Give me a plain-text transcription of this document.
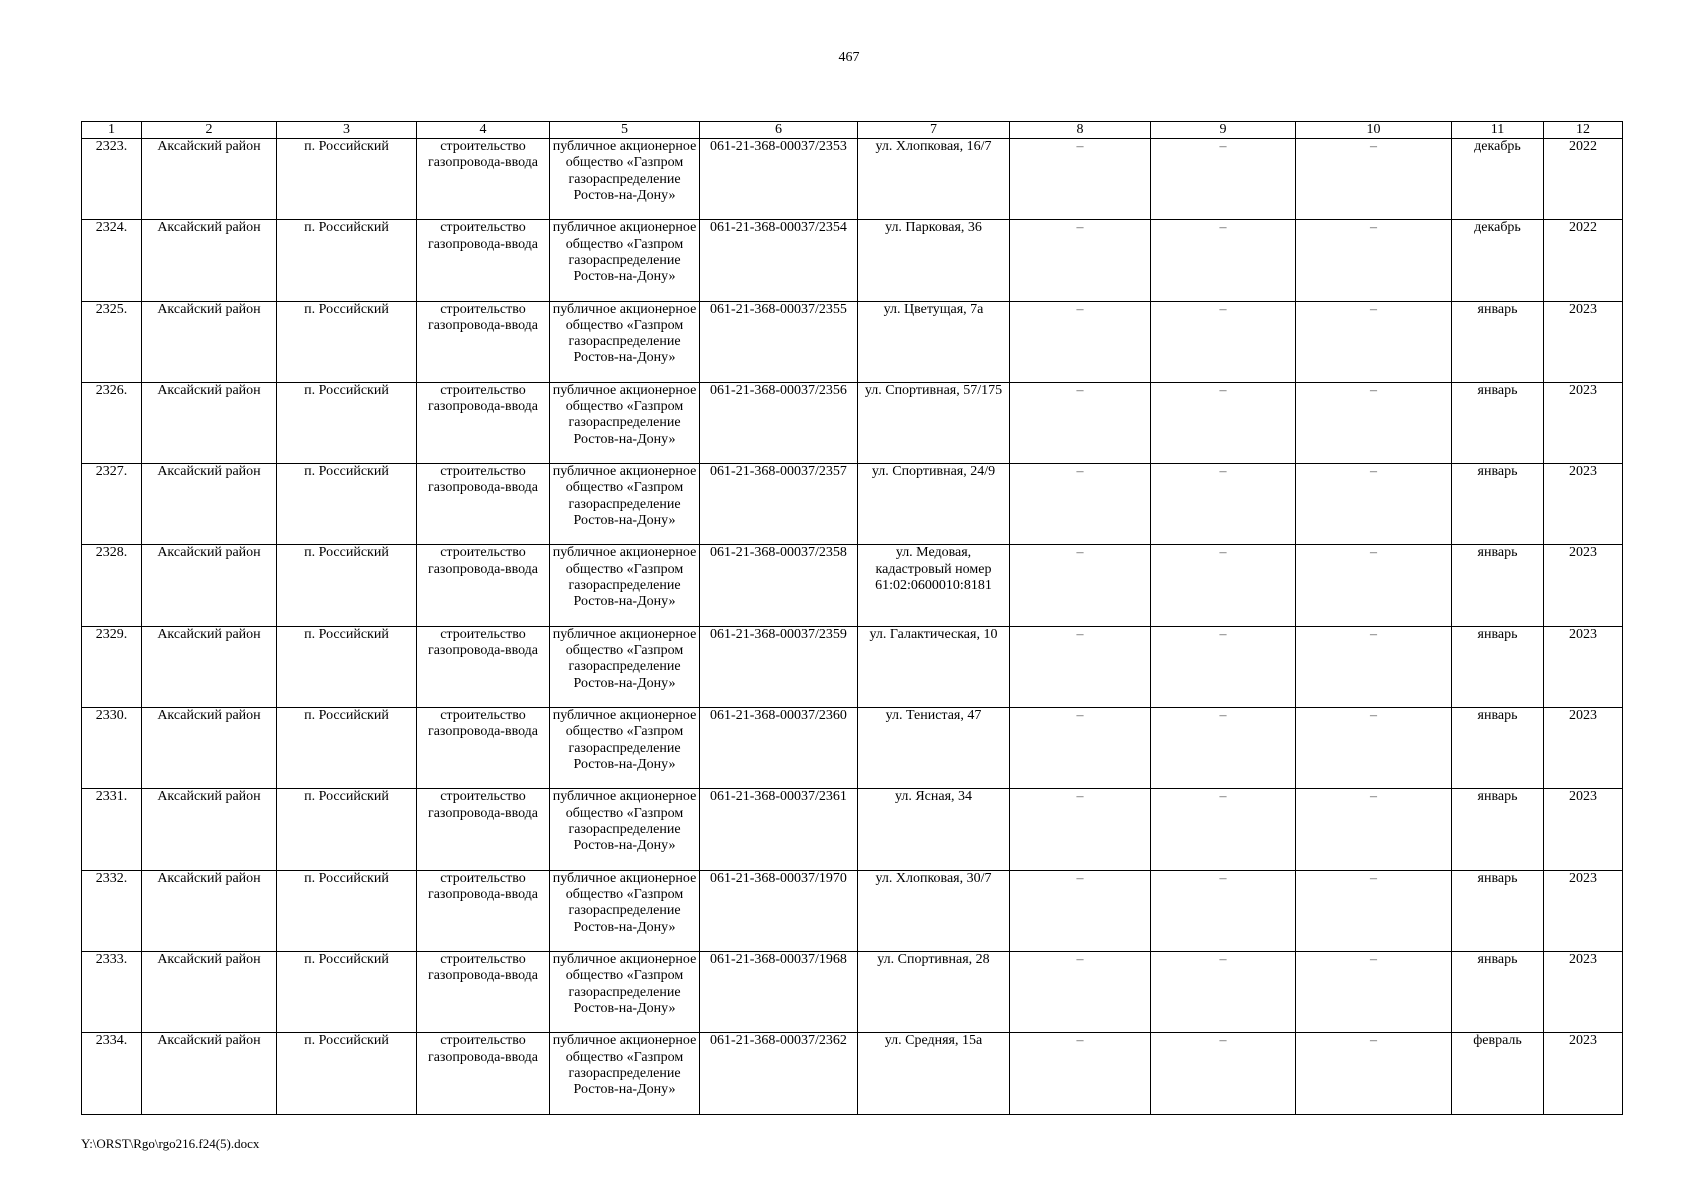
467
1	2	3	4	5	6	7	8	9	10	11	12
2323.	Аксайский район	п. Российский	строительство газопровода-ввода	публичное акционерное общество «Газпром газораспределение Ростов-на-Дону»	061-21-368-00037/2353	ул. Хлопковая, 16/7	–	–	–	декабрь	2022
2324.	Аксайский район	п. Российский	строительство газопровода-ввода	публичное акционерное общество «Газпром газораспределение Ростов-на-Дону»	061-21-368-00037/2354	ул. Парковая, 36	–	–	–	декабрь	2022
2325.	Аксайский район	п. Российский	строительство газопровода-ввода	публичное акционерное общество «Газпром газораспределение Ростов-на-Дону»	061-21-368-00037/2355	ул. Цветущая, 7а	–	–	–	январь	2023
2326.	Аксайский район	п. Российский	строительство газопровода-ввода	публичное акционерное общество «Газпром газораспределение Ростов-на-Дону»	061-21-368-00037/2356	ул. Спортивная, 57/175	–	–	–	январь	2023
2327.	Аксайский район	п. Российский	строительство газопровода-ввода	публичное акционерное общество «Газпром газораспределение Ростов-на-Дону»	061-21-368-00037/2357	ул. Спортивная, 24/9	–	–	–	январь	2023
2328.	Аксайский район	п. Российский	строительство газопровода-ввода	публичное акционерное общество «Газпром газораспределение Ростов-на-Дону»	061-21-368-00037/2358	ул. Медовая, кадастровый номер 61:02:0600010:8181	–	–	–	январь	2023
2329.	Аксайский район	п. Российский	строительство газопровода-ввода	публичное акционерное общество «Газпром газораспределение Ростов-на-Дону»	061-21-368-00037/2359	ул. Галактическая, 10	–	–	–	январь	2023
2330.	Аксайский район	п. Российский	строительство газопровода-ввода	публичное акционерное общество «Газпром газораспределение Ростов-на-Дону»	061-21-368-00037/2360	ул. Тенистая, 47	–	–	–	январь	2023
2331.	Аксайский район	п. Российский	строительство газопровода-ввода	публичное акционерное общество «Газпром газораспределение Ростов-на-Дону»	061-21-368-00037/2361	ул. Ясная, 34	–	–	–	январь	2023
2332.	Аксайский район	п. Российский	строительство газопровода-ввода	публичное акционерное общество «Газпром газораспределение Ростов-на-Дону»	061-21-368-00037/1970	ул. Хлопковая, 30/7	–	–	–	январь	2023
2333.	Аксайский район	п. Российский	строительство газопровода-ввода	публичное акционерное общество «Газпром газораспределение Ростов-на-Дону»	061-21-368-00037/1968	ул. Спортивная, 28	–	–	–	январь	2023
2334.	Аксайский район	п. Российский	строительство газопровода-ввода	публичное акционерное общество «Газпром газораспределение Ростов-на-Дону»	061-21-368-00037/2362	ул. Средняя, 15а	–	–	–	февраль	2023
Y:\ORST\Rgo\rgo216.f24(5).docx
